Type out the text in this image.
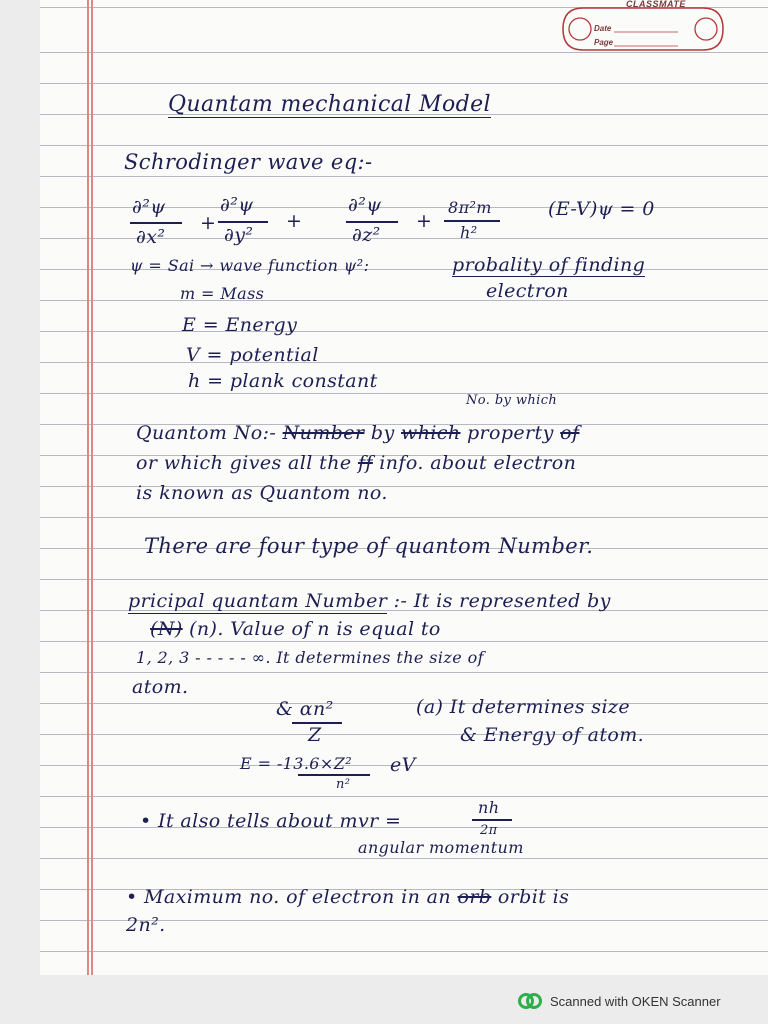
CLASSMATE
Date
Page
Quantam mechanical Model
Schrodinger wave eq:-
∂²ψ
∂x²
+
∂²ψ
∂y²
+
∂²ψ
∂z²
+
8π²m
h²
(E-V)ψ = 0
ψ = Sai → wave function ψ²:	probality of finding
electron
m = Mass
E = Energy
V = potential
h = plank constant
No. by which
Quantom No:- Number by which property of
or which gives all the ff info. about electron
is known as Quantom no.
There are four type of quantom Number.
pricipal quantam Number :- It is represented by
(N) (n). Value of n is equal to
1, 2, 3 - - - - - ∞. It determines the size of
atom.
& αn²
Z
(a) It determines size
& Energy of atom.
E = -13.6×Z² eV
n²
• It also tells about mvr =
nh
2π
angular momentum
• Maximum no. of electron in an orb orbit is
2n².
Scanned with OKEN Scanner
